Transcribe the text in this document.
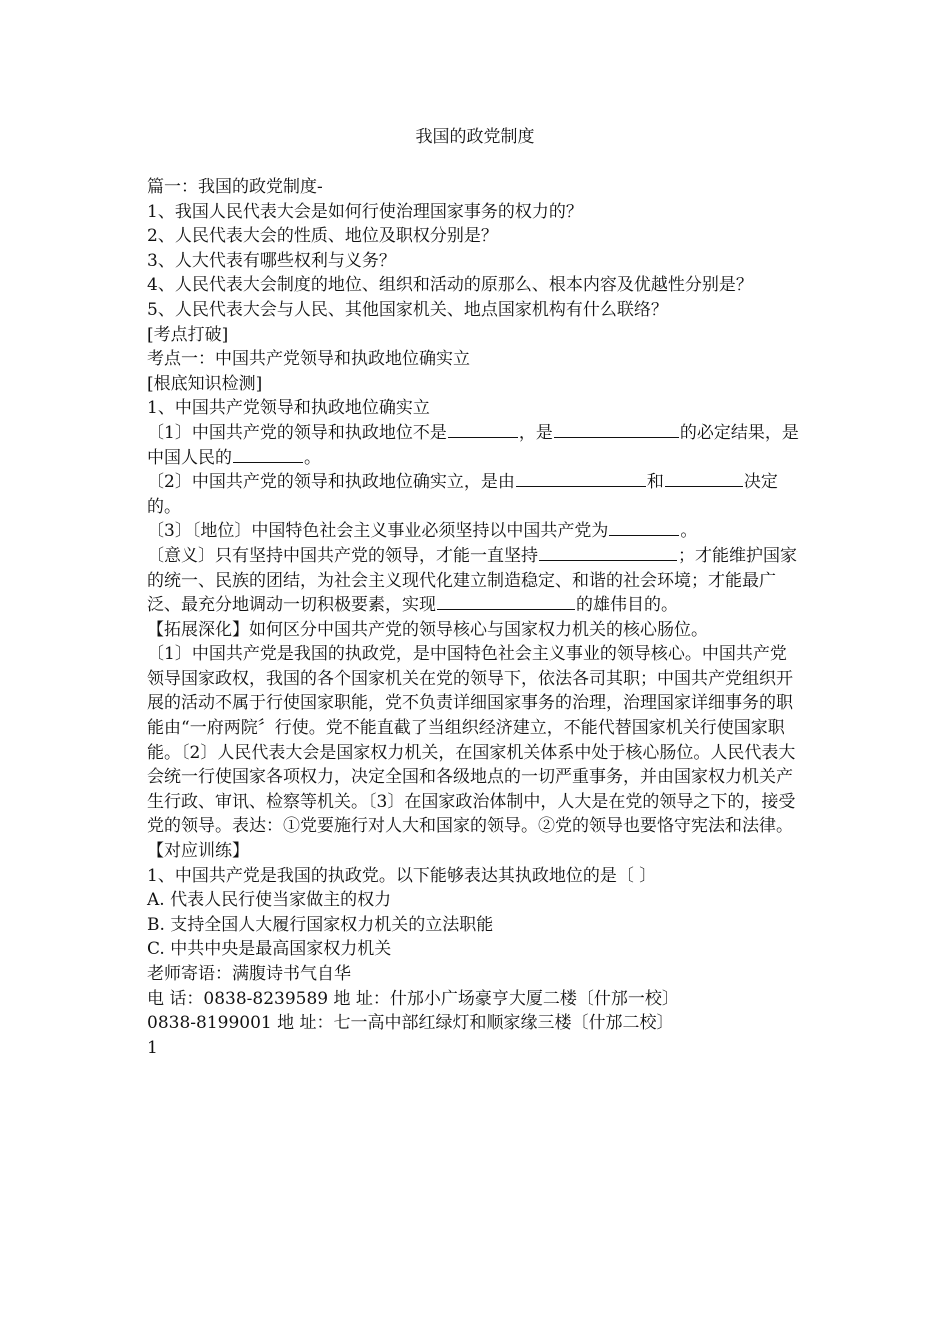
我国的政党制度

篇一：我国的政党制度-

1、我国人民代表大会是如何行使治理国家事务的权力的？

2、人民代表大会的性质、地位及职权分别是？

3、人大代表有哪些权利与义务？

4、人民代表大会制度的地位、组织和活动的原那么、根本内容及优越性分别是？

5、人民代表大会与人民、其他国家机关、地点国家机构有什么联络？

[考点打破]

考点一：中国共产党领导和执政地位确实立

[根底知识检测]

1、中国共产党领导和执政地位确实立

〔1〕中国共产党的领导和执政地位不是	，是	的必定结果，是中国人民的	。

〔2〕中国共产党的领导和执政地位确实立，是由	和	决定的。

〔3〕〔地位〕中国特色社会主义事业必须坚持以中国共产党为	。

〔意义〕只有坚持中国共产党的领导，才能一直坚持	；才能维护国家的统一、民族的团结，为社会主义现代化建立制造稳定、和谐的社会环境；才能最广泛、最充分地调动一切积极要素，实现	的雄伟目的。

【拓展深化】如何区分中国共产党的领导核心与国家权力机关的核心肠位。

〔1〕中国共产党是我国的执政党，是中国特色社会主义事业的领导核心。中国共产党领导国家政权，我国的各个国家机关在党的领导下，依法各司其职；中国共产党组织开展的活动不属于行使国家职能，党不负责详细国家事务的治理，治理国家详细事务的职能由“一府两院〞行使。党不能直截了当组织经济建立，不能代替国家机关行使国家职能。〔2〕人民代表大会是国家权力机关，在国家机关体系中处于核心肠位。人民代表大会统一行使国家各项权力，决定全国和各级地点的一切严重事务，并由国家权力机关产生行政、审讯、检察等机关。〔3〕在国家政治体制中，人大是在党的领导之下的，接受党的领导。表达：①党要施行对人大和国家的领导。②党的领导也要恪守宪法和法律。

【对应训练】

1、中国共产党是我国的执政党。以下能够表达其执政地位的是〔 〕

A. 代表人民行使当家做主的权力

B. 支持全国人大履行国家权力机关的立法职能

C. 中共中央是最高国家权力机关

老师寄语：满腹诗书气自华

电 话：0838-8239589 地 址：什邡小广场豪亨大厦二楼〔什邡一校〕

0838-8199001 地 址：七一高中部红绿灯和顺家缘三楼〔什邡二校〕

1
